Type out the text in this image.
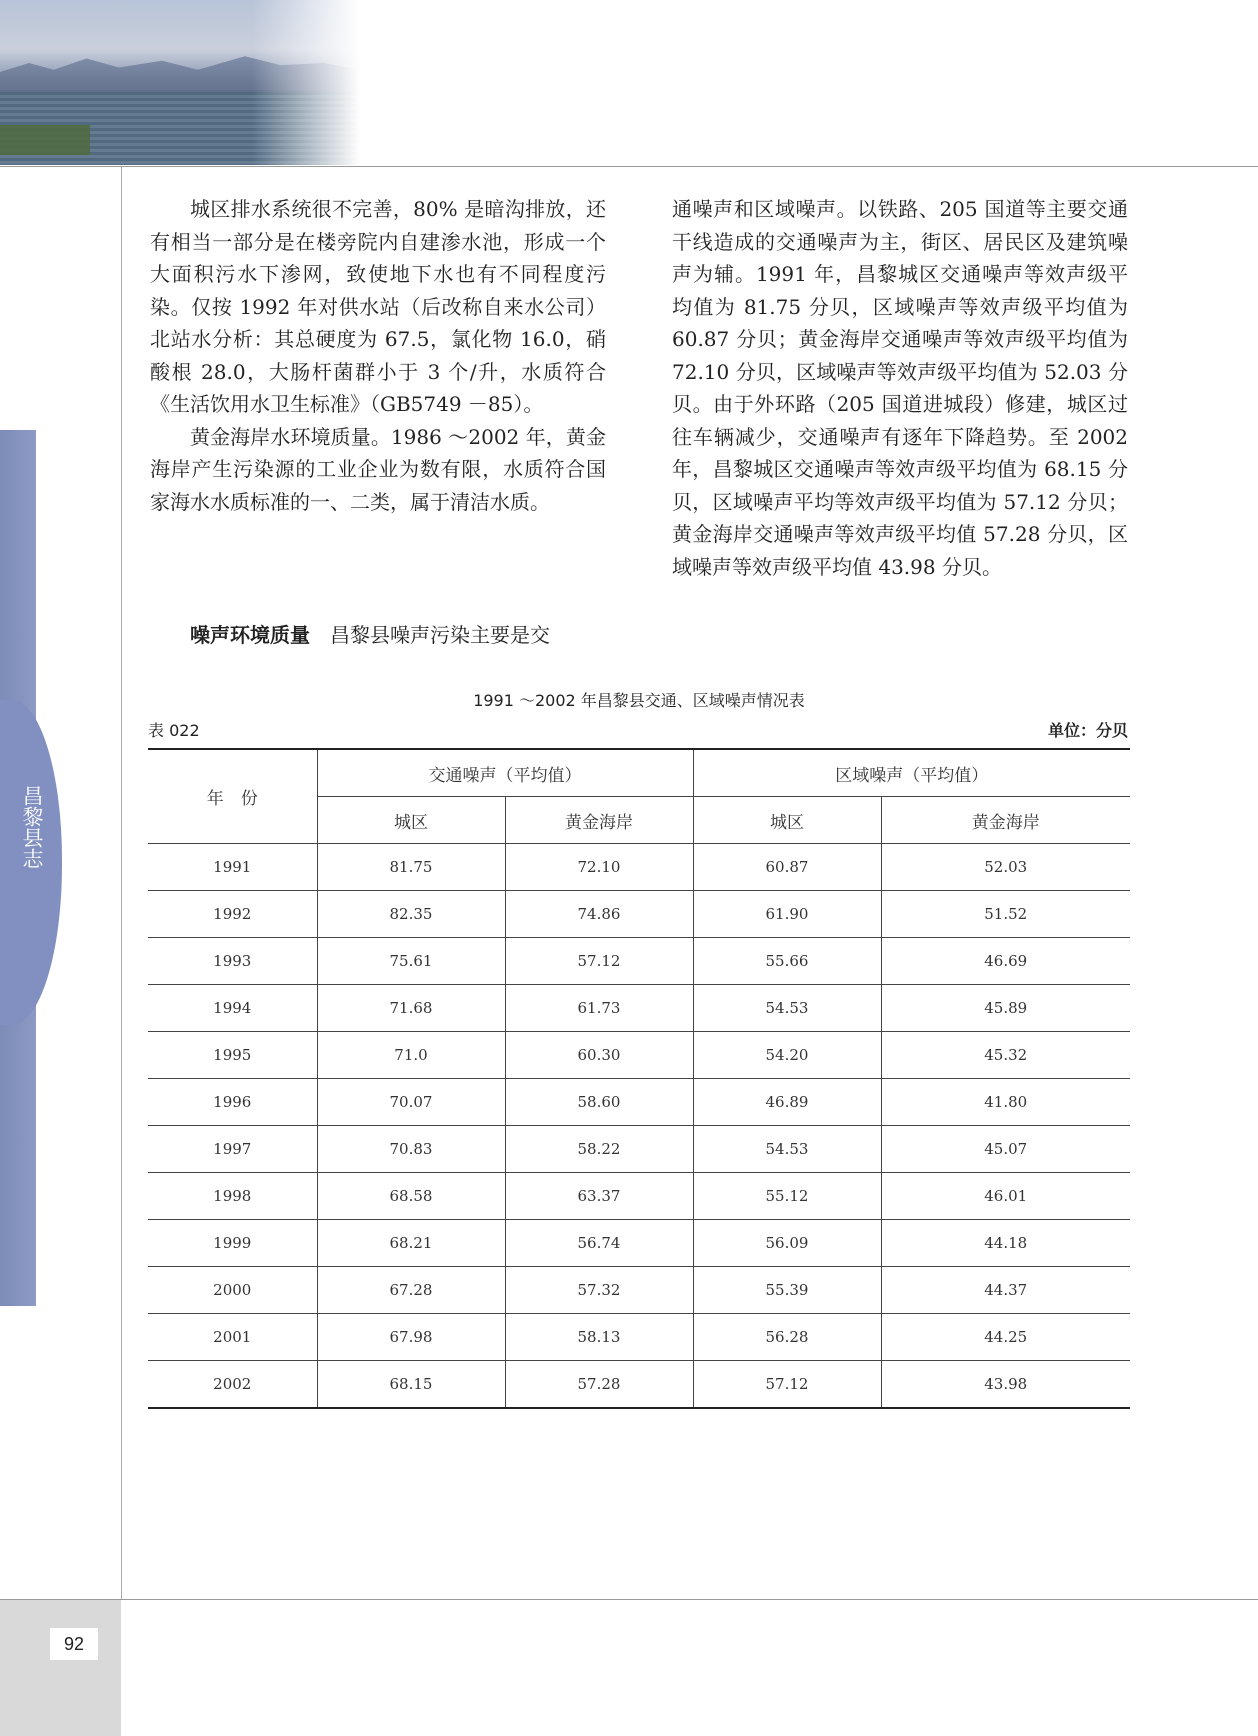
昌黎县志
92

城区排水系统很不完善，80% 是暗沟排放，还有相当一部分是在楼旁院内自建渗水池，形成一个大面积污水下渗网，致使地下水也有不同程度污染。仅按 1992 年对供水站（后改称自来水公司）北站水分析：其总硬度为 67.5，氯化物 16.0，硝酸根 28.0，大肠杆菌群小于 3 个/升，水质符合《生活饮用水卫生标准》（GB5749 －85）。

黄金海岸水环境质量。1986 ～2002 年，黄金海岸产生污染源的工业企业为数有限，水质符合国家海水水质标准的一、二类，属于清洁水质。

噪声环境质量　 昌黎县噪声污染主要是交

通噪声和区域噪声。以铁路、205 国道等主要交通干线造成的交通噪声为主，街区、居民区及建筑噪声为辅。1991 年，昌黎城区交通噪声等效声级平均值为 81.75 分贝，区域噪声等效声级平均值为 60.87 分贝；黄金海岸交通噪声等效声级平均值为 72.10 分贝，区域噪声等效声级平均值为 52.03 分贝。由于外环路（205 国道进城段）修建，城区过往车辆减少，交通噪声有逐年下降趋势。至 2002 年，昌黎城区交通噪声等效声级平均值为 68.15 分贝，区域噪声平均等效声级平均值为 57.12 分贝；黄金海岸交通噪声等效声级平均值 57.28 分贝，区域噪声等效声级平均值 43.98 分贝。

1991 ～2002 年昌黎县交通、区域噪声情况表
表 022	单位：分贝
年　份	交通噪声（平均值）		区域噪声（平均值）	
	城区	黄金海岸	城区	黄金海岸
1991	81.75	72.10	60.87	52.03
1992	82.35	74.86	61.90	51.52
1993	75.61	57.12	55.66	46.69
1994	71.68	61.73	54.53	45.89
1995	71.0	60.30	54.20	45.32
1996	70.07	58.60	46.89	41.80
1997	70.83	58.22	54.53	45.07
1998	68.58	63.37	55.12	46.01
1999	68.21	56.74	56.09	44.18
2000	67.28	57.32	55.39	44.37
2001	67.98	58.13	56.28	44.25
2002	68.15	57.28	57.12	43.98
